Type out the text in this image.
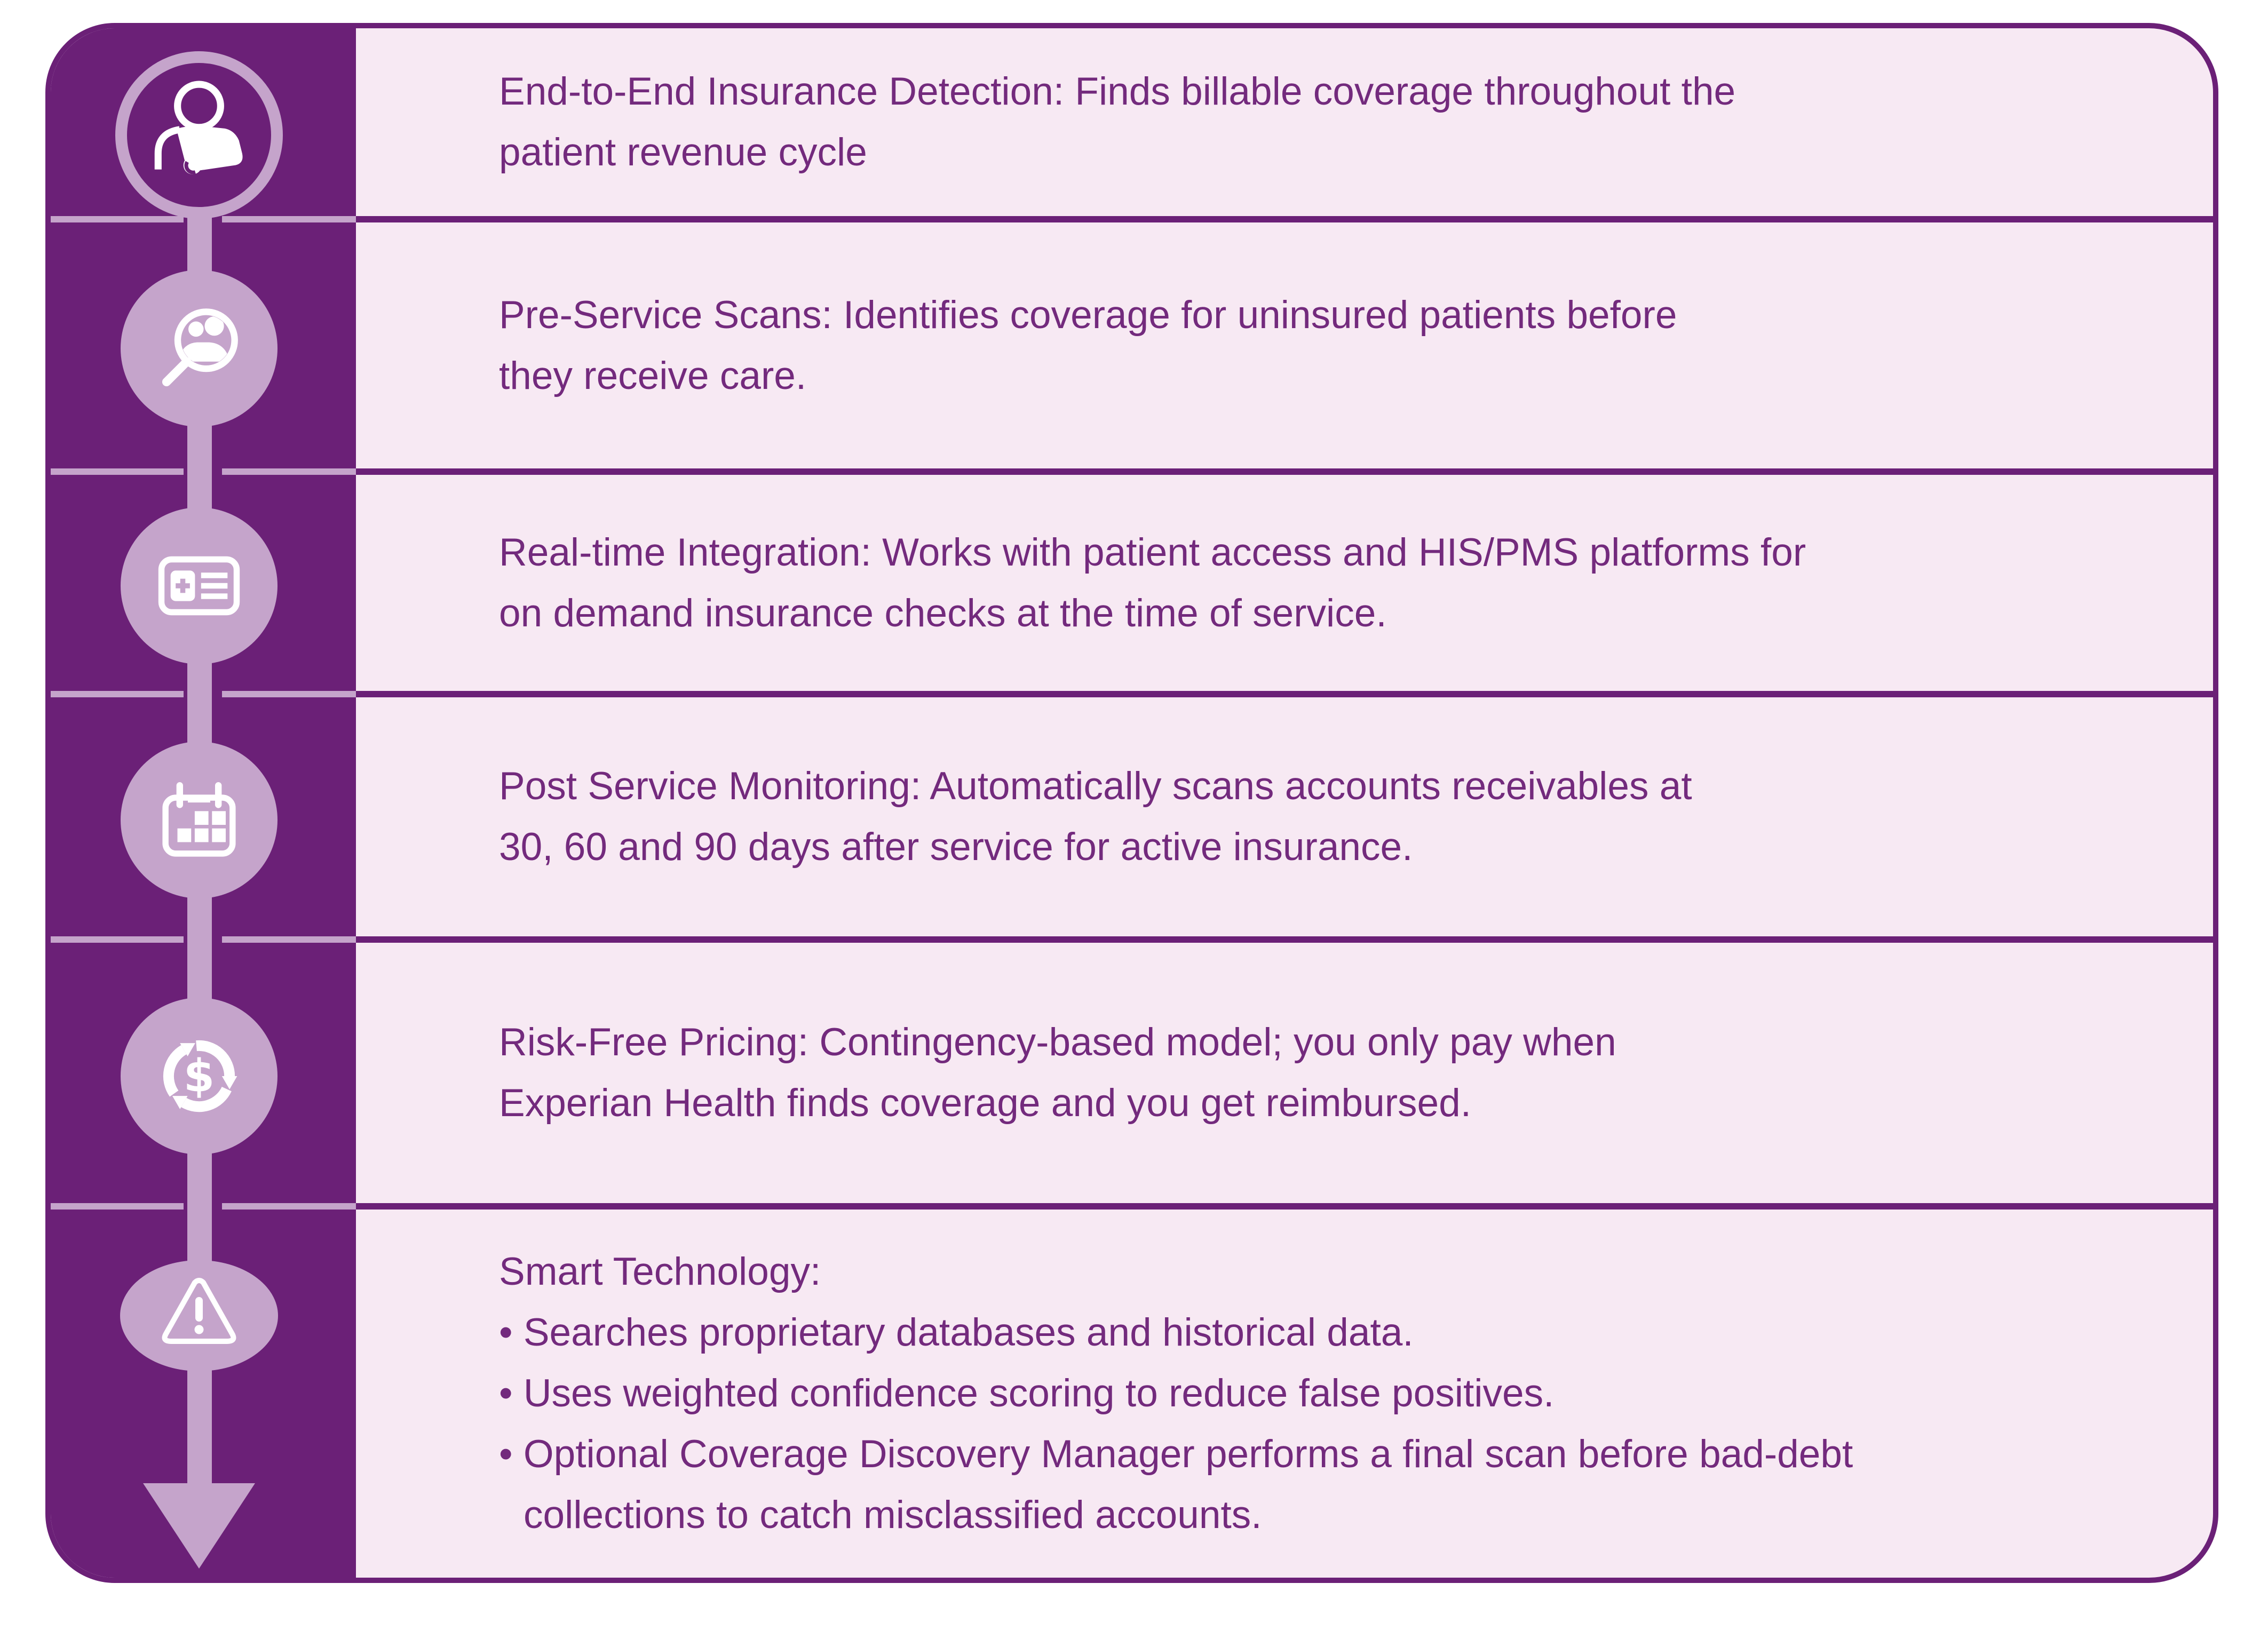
End-to-End Insurance Detection: Finds billable coverage throughout the
patient revenue cycle
Pre-Service Scans: Identifies coverage for uninsured patients before
they receive care.
Real-time Integration: Works with patient access and HIS/PMS platforms for
on demand insurance checks at the time of service.
Post Service Monitoring: Automatically scans accounts receivables at
30, 60 and 90 days after service for active insurance.
Risk-Free Pricing: Contingency-based model; you only pay when
Experian Health finds coverage and you get reimbursed.
Smart Technology:
• Searches proprietary databases and historical data.
• Uses weighted confidence scoring to reduce false positives.
• Optional Coverage Discovery Manager performs a final scan before bad-debt
collections to catch misclassified accounts.
$
